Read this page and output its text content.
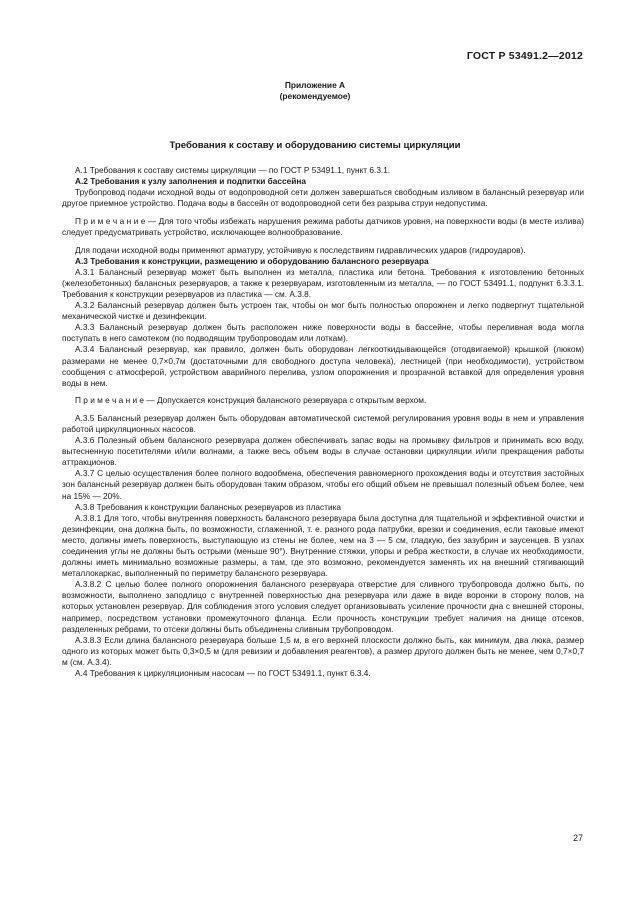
ГОСТ Р 53491.2—2012
Приложение А
(рекомендуемое)
Требования к составу и оборудованию системы циркуляции

А.1 Требования к составу системы циркуляции — по ГОСТ Р 53491.1, пункт 6.3.1.

А.2 Требования к узлу заполнения и подпитки бассейна

Трубопровод подачи исходной воды от водопроводной сети должен завершаться свободным изливом в балансный резервуар или другое приемное устройство. Подача воды в бассейн от водопроводной сети без разрыва струи недопустима.

П р и м е ч а н и е — Для того чтобы избежать нарушения режима работы датчиков уровня, на поверхности воды (в месте излива) следует предусматривать устройство, исключающее волнообразование.

Для подачи исходной воды применяют арматуру, устойчивую к последствиям гидравлических ударов (гидроударов).

А.3 Требования к конструкции, размещению и оборудованию балансного резервуара

А.3.1 Балансный резервуар может быть выполнен из металла, пластика или бетона. Требования к изготовлению бетонных (железобетонных) балансных резервуаров, а также к резервуарам, изготовленным из металла, — по ГОСТ 53491.1, подпункт 6.3.3.1. Требования к конструкции резервуаров из пластика — см. А.3.8.

А.3.2 Балансный резервуар должен быть устроен так, чтобы он мог быть полностью опорожнен и легко подвергнут тщательной механической чистке и дезинфекции.

А.3.3 Балансный резервуар должен быть расположен ниже поверхности воды в бассейне, чтобы переливная вода могла поступать в него самотеком (по подводящим трубопроводам или лоткам).

А.3.4 Балансный резервуар, как правило, должен быть оборудован легкооткидывающейся (отодвигаемой) крышкой (люком) размерами не менее 0,7×0,7м (достаточными для свободного доступа человека), лестницей (при необходимости), устройством сообщения с атмосферой, устройством аварийного перелива, узлом опорожнения и прозрачной вставкой для определения уровня воды в нем.

П р и м е ч а н и е — Допускается конструкция балансного резервуара с открытым верхом.

А.3.5 Балансный резервуар должен быть оборудован автоматической системой регулирования уровня воды в нем и управления работой циркуляционных насосов.

А.3.6 Полезный объем балансного резервуара должен обеспечивать запас воды на промывку фильтров и принимать всю воду, вытесненную посетителями и/или волнами, а также весь объем воды в случае остановки циркуляции и/или прекращения работы аттракционов.

А.3.7 С целью осуществления более полного водообмена, обеспечения равномерного прохождения воды и отсутствия застойных зон балансный резервуар должен быть оборудован таким образом, чтобы его общий объем не превышал полезный объем более, чем на 15% — 20%.

А.3.8 Требования к конструкции балансных резервуаров из пластика

А.3.8.1 Для того, чтобы внутренняя поверхность балансного резервуара была доступна для тщательной и эффективной очистки и дезинфекции, она должна быть, по возможности, сглаженной, т. е. разного рода патрубки, врезки и соединения, если таковые имеют место, должны иметь поверхность, выступающую из стены не более, чем на 3 — 5 см, гладкую, без зазубрин и заусенцев. В узлах соединения углы не должны быть острыми (меньше 90°). Внутренние стяжки, упоры и ребра жесткости, в случае их необходимости, должны иметь минимально возможные размеры, а там, где это возможно, рекомендуется заменять их на внешний стягивающий металлокаркас, выполненный по периметру балансного резервуара.

А.3.8.2 С целью более полного опорожнения балансного резервуара отверстие для сливного трубопровода должно быть, по возможности, выполнено заподлицо с внутренней поверхностью дна резервуара или даже в виде воронки в сторону полов, на которых установлен резервуар. Для соблюдения этого условия следует организовывать усиление прочности дна с внешней стороны, например, посредством установки промежуточного фланца. Если прочность конструкции требует наличия на днище отсеков, разделенных ребрами, то отсеки должны быть объединены сливным трубопроводом.

А.3.8.3 Если длина балансного резервуара больше 1,5 м, в его верхней плоскости должно быть, как минимум, два люка, размер одного из которых может быть 0,3×0,5 м (для ревизии и добавления реагентов), а размер другого должен быть не менее, чем 0,7×0,7 м (см. А.3.4).

А.4 Требования к циркуляционным насосам — по ГОСТ 53491.1, пункт 6.3.4.

27
